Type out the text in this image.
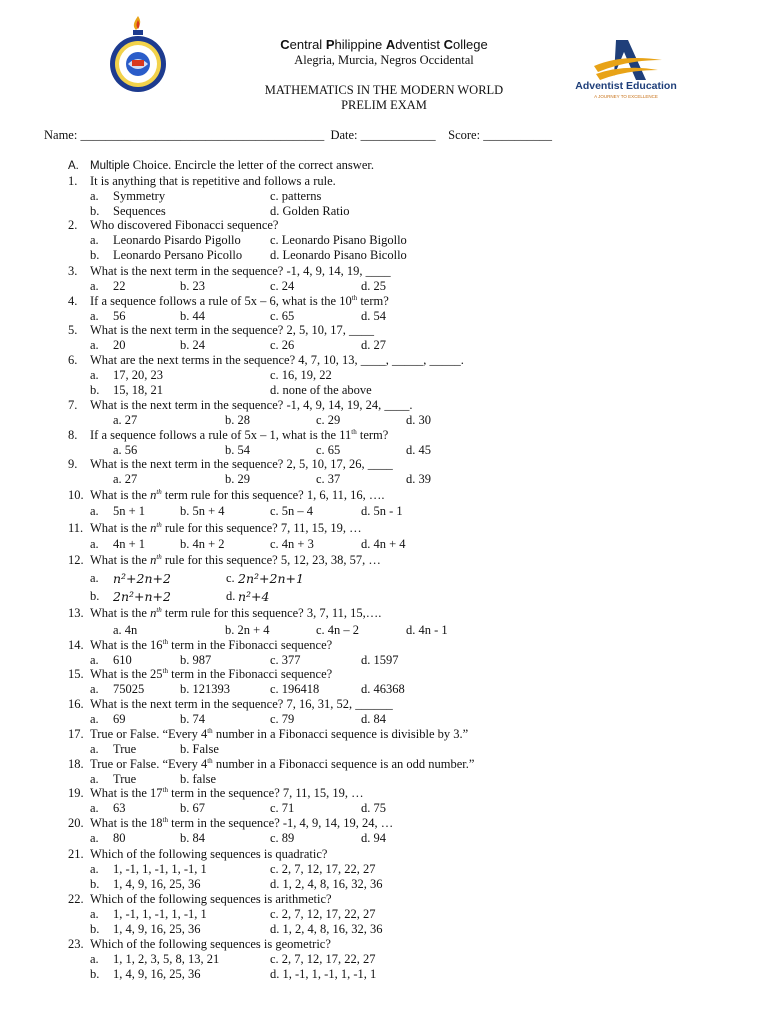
Adventist Education
A JOURNEY TO EXCELLENCE
Central Philippine Adventist College
Alegria, Murcia, Negros Occidental
MATHEMATICS IN THE MODERN WORLD
PRELIM EXAM
Name: _______________________________________  Date: ____________    Score: ___________
A. Multiple Choice. Encircle the letter of the correct answer.
1. It is anything that is repetitive and follows a rule.
a. Symmetry	c. patterns
b. Sequences	d. Golden Ratio
2. Who discovered Fibonacci sequence?
a. Leonardo Pisardo Pigollo c. Leonardo Pisano Bigollo
b. Leonardo Persano Picollo d. Leonardo Pisano Bicollo
3. What is the next term in the sequence? -1, 4, 9, 14, 19, ____
a. 22	b. 23	c. 24	d. 25
4. If a sequence follows a rule of 5x – 6, what is the 10th term?
a. 56	b. 44	c. 65	d. 54
5. What is the next term in the sequence? 2, 5, 10, 17, ____
a. 20	b. 24	c. 26	d. 27
6. What are the next terms in the sequence? 4, 7, 10, 13, ____, _____, _____.
a. 17, 20, 23	c. 16, 19, 22
b. 15, 18, 21	d. none of the above
7. What is the next term in the sequence? -1, 4, 9, 14, 19, 24, ____.
a. 27	b. 28	c. 29	d. 30
8. If a sequence follows a rule of 5x – 1, what is the 11th term?
a. 56	b. 54	c. 65	d. 45
9. What is the next term in the sequence? 2, 5, 10, 17, 26, ____
a. 27	b. 29	c. 37	d. 39
10. What is the $n^{th}$ term rule for this sequence? 1, 6, 11, 16, ….
a. 5n + 1	b. 5n + 4	c. 5n – 4	d. 5n - 1
11. What is the $n^{th}$ rule for this sequence? 7, 11, 15, 19, …
a. 4n + 1	b. 4n + 2	c. 4n + 3	d. 4n + 4
12. What is the $n^{th}$ rule for this sequence? 5, 12, 23, 38, 57, …
a. n²+2n+2	c. 2n²+2n+1
b. 2n²+n+2	d. n²+4
13. What is the $n^{th}$ term rule for this sequence? 3, 7, 11, 15,….
a. 4n	b. 2n + 4	c. 4n – 2	d. 4n - 1
14. What is the 16th term in the Fibonacci sequence?
a. 610	b. 987	c. 377	d. 1597
15. What is the 25th term in the Fibonacci sequence?
a. 75025	b. 121393	c. 196418	d. 46368
16. What is the next term in the sequence? 7, 16, 31, 52, ______
a. 69	b. 74	c. 79	d. 84
17. True or False. “Every 4th number in a Fibonacci sequence is divisible by 3.”
a. True	b. False
18. True or False. “Every 4th number in a Fibonacci sequence is an odd number.”
a. True	b. false
19. What is the 17th term in the sequence? 7, 11, 15, 19, …
a. 63	b. 67	c. 71	d. 75
20. What is the 18th term in the sequence? -1, 4, 9, 14, 19, 24, …
a. 80	b. 84	c. 89	d. 94
21. Which of the following sequences is quadratic?
a. 1, -1, 1, -1, 1, -1, 1	c. 2, 7, 12, 17, 22, 27
b. 1, 4, 9, 16, 25, 36	d. 1, 2, 4, 8, 16, 32, 36
22. Which of the following sequences is arithmetic?
a. 1, -1, 1, -1, 1, -1, 1	c. 2, 7, 12, 17, 22, 27
b. 1, 4, 9, 16, 25, 36	d. 1, 2, 4, 8, 16, 32, 36
23. Which of the following sequences is geometric?
a. 1, 1, 2, 3, 5, 8, 13, 21	c. 2, 7, 12, 17, 22, 27
b. 1, 4, 9, 16, 25, 36	d. 1, -1, 1, -1, 1, -1, 1
